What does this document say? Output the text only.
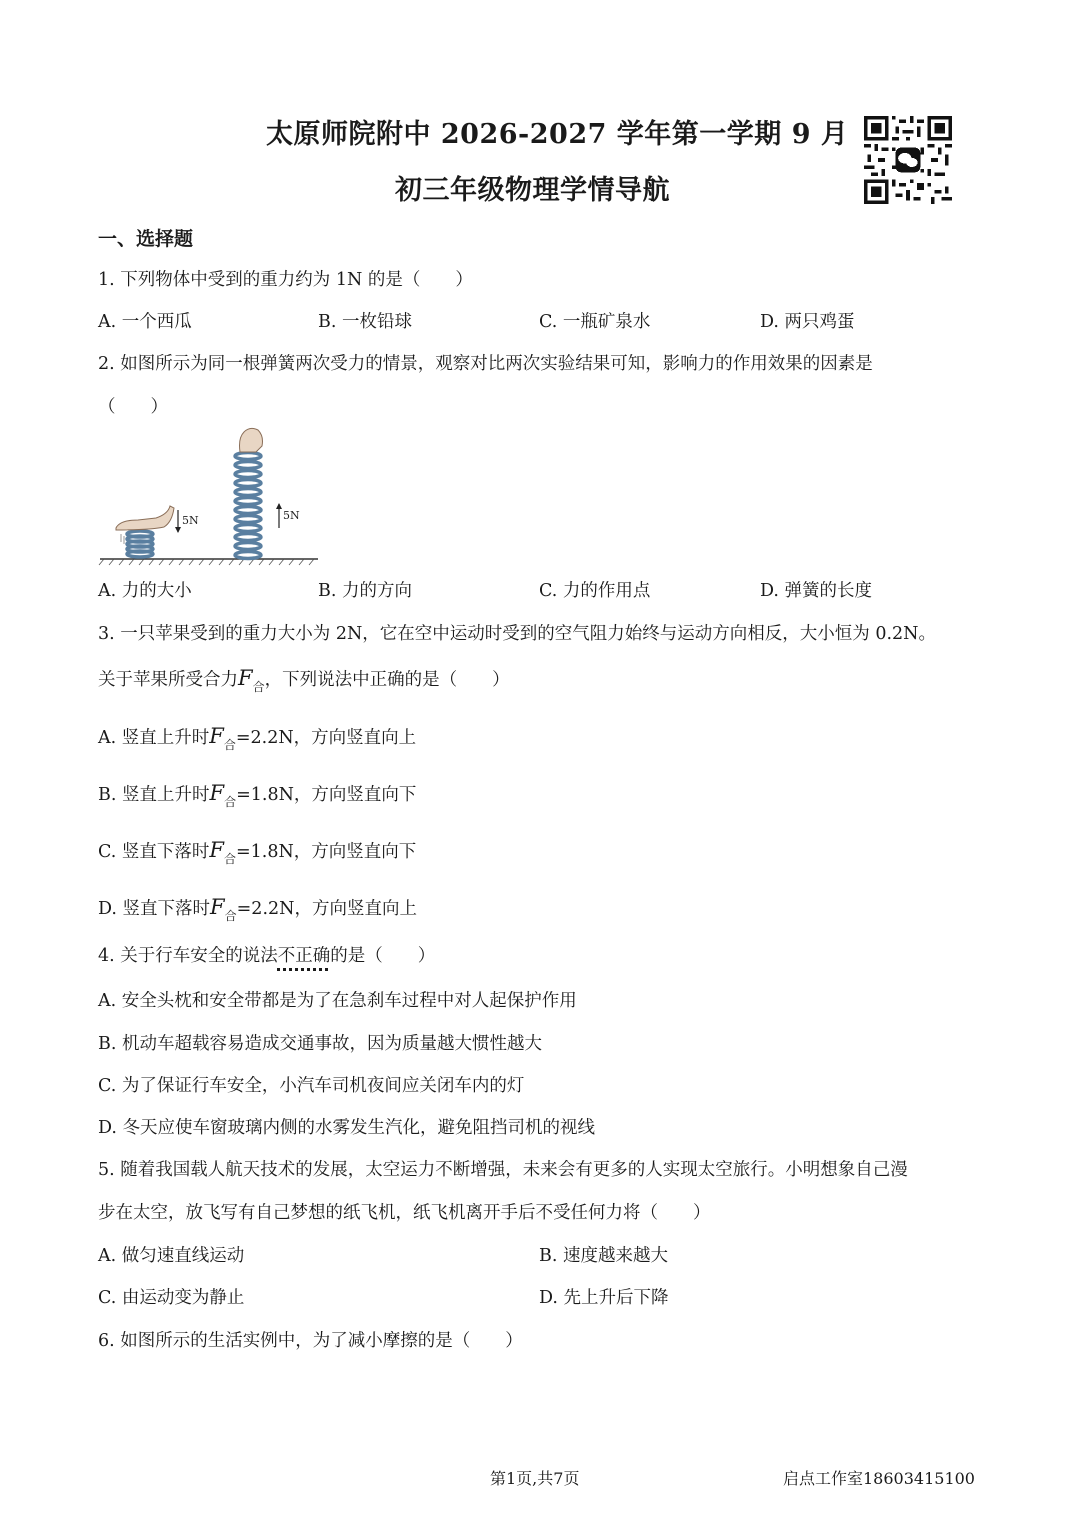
太原师院附中 2026-2027 学年第一学期 9 月
初三年级物理学情导航
一、选择题
1. 下列物体中受到的重力约为 1N 的是（　　）
A. 一个西瓜	B. 一枚铅球	C. 一瓶矿泉水	D. 两只鸡蛋
2. 如图所示为同一根弹簧两次受力的情景，观察对比两次实验结果可知，影响力的作用效果的因素是
（　　）
5N	5N
A. 力的大小	B. 力的方向	C. 力的作用点	D. 弹簧的长度
3. 一只苹果受到的重力大小为 2N，它在空中运动时受到的空气阻力始终与运动方向相反，大小恒为 0.2N。
关于苹果所受合力$F_合$，下列说法中正确的是（　　）
A. 竖直上升时$F_合=2.2N$，方向竖直向上
B. 竖直上升时$F_合=1.8N$，方向竖直向下
C. 竖直下落时$F_合=1.8N$，方向竖直向下
D. 竖直下落时$F_合=2.2N$，方向竖直向上
4. 关于行车安全的说法不正确的是（　　）
A. 安全头枕和安全带都是为了在急刹车过程中对人起保护作用
B. 机动车超载容易造成交通事故，因为质量越大惯性越大
C. 为了保证行车安全，小汽车司机夜间应关闭车内的灯
D. 冬天应使车窗玻璃内侧的水雾发生汽化，避免阻挡司机的视线
5. 随着我国载人航天技术的发展，太空运力不断增强，未来会有更多的人实现太空旅行。小明想象自己漫
步在太空，放飞写有自己梦想的纸飞机，纸飞机离开手后不受任何力将（　　）
A. 做匀速直线运动	B. 速度越来越大
C. 由运动变为静止	D. 先上升后下降
6. 如图所示的生活实例中，为了减小摩擦的是（　　）
第1页,共7页	启点工作室18603415100
